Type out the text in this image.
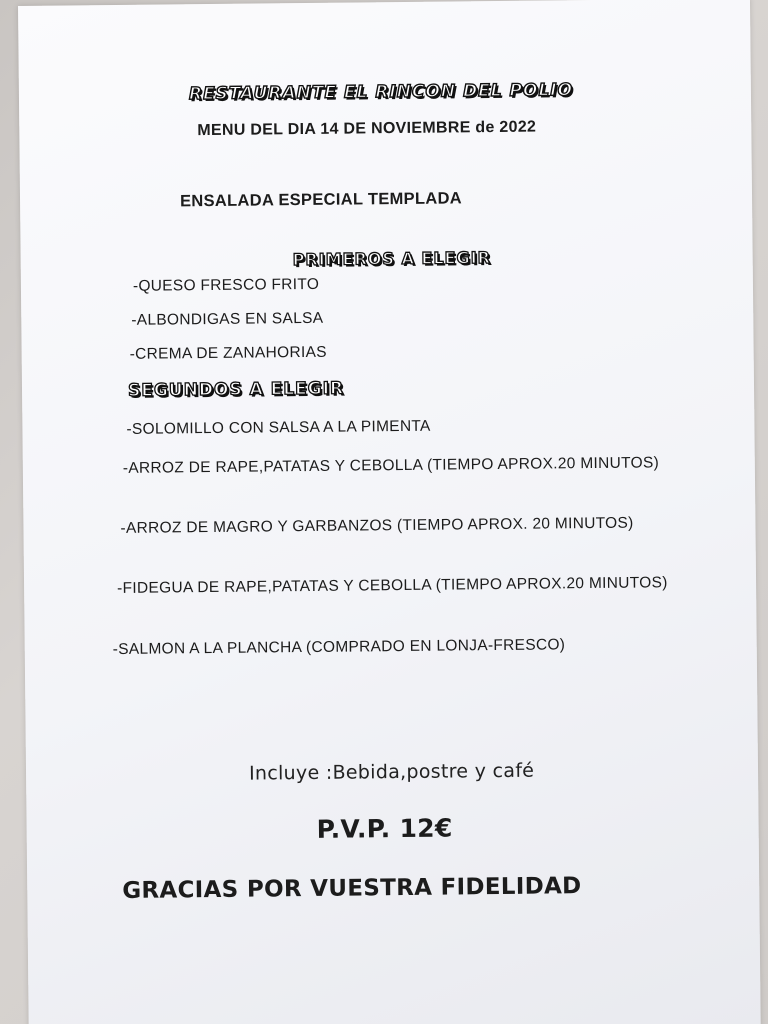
RESTAURANTE EL RINCON DEL POLIO
MENU DEL DIA 14 DE NOVIEMBRE de 2022
ENSALADA ESPECIAL TEMPLADA
PRIMEROS A ELEGIR
-QUESO FRESCO FRITO
-ALBONDIGAS EN SALSA
-CREMA DE ZANAHORIAS
SEGUNDOS A ELEGIR
-SOLOMILLO CON SALSA A LA PIMENTA
-ARROZ DE RAPE,PATATAS Y CEBOLLA (TIEMPO APROX.20 MINUTOS)
-ARROZ DE MAGRO Y GARBANZOS (TIEMPO APROX. 20 MINUTOS)
-FIDEGUA DE RAPE,PATATAS Y CEBOLLA (TIEMPO APROX.20 MINUTOS)
-SALMON A LA PLANCHA (COMPRADO EN LONJA-FRESCO)
Incluye :Bebida,postre y café
P.V.P. 12€
GRACIAS POR VUESTRA FIDELIDAD
